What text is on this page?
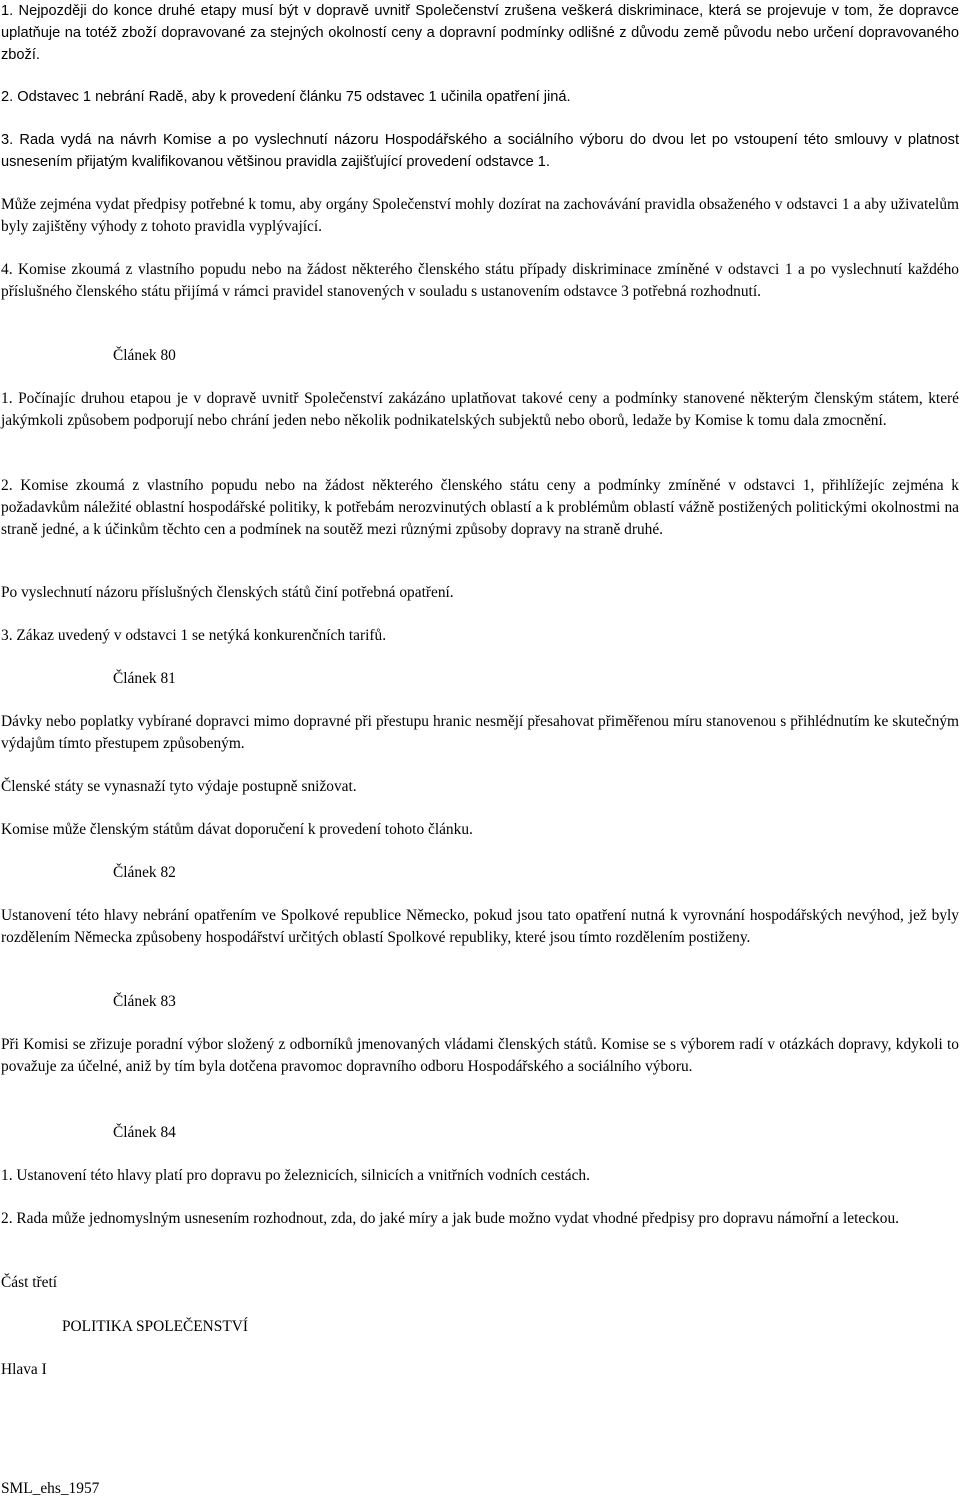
1. Nejpozději do konce druhé etapy musí být v dopravě uvnitř Společenství zrušena veškerá diskriminace, která se projevuje v tom, že dopravce uplatňuje na totéž zboží dopravované za stejných okolností ceny a dopravní podmínky odlišné z důvodu země původu nebo určení dopravovaného zboží.

2. Odstavec 1 nebrání Radě, aby k provedení článku 75 odstavec 1 učinila opatření jiná.

3. Rada vydá na návrh Komise a po vyslechnutí názoru Hospodářského a sociálního výboru do dvou let po vstoupení této smlouvy v platnost usnesením přijatým kvalifikovanou většinou pravidla zajišťující provedení odstavce 1.

Může zejména vydat předpisy potřebné k tomu, aby orgány Společenství mohly dozírat na zachovávání pravidla obsaženého v odstavci 1 a aby uživatelům byly zajištěny výhody z tohoto pravidla vyplývající.

4. Komise zkoumá z vlastního popudu nebo na žádost některého členského státu případy diskriminace zmíněné v odstavci 1 a po vyslechnutí každého příslušného členského státu přijímá v rámci pravidel stanovených v souladu s ustanovením odstavce 3 potřebná rozhodnutí.

Článek 80

1. Počínajíc druhou etapou je v dopravě uvnitř Společenství zakázáno uplatňovat takové ceny a podmínky stanovené některým členským státem, které jakýmkoli způsobem podporují nebo chrání jeden nebo několik podnikatelských subjektů nebo oborů, ledaže by Komise k tomu dala zmocnění.

2. Komise zkoumá z vlastního popudu nebo na žádost některého členského státu ceny a podmínky zmíněné v odstavci 1, přihlížejíc zejména k požadavkům náležité oblastní hospodářské politiky, k potřebám nerozvinutých oblastí a k problémům oblastí vážně postižených politickými okolnostmi na straně jedné, a k účinkům těchto cen a podmínek na soutěž mezi různými způsoby dopravy na straně druhé.

Po vyslechnutí názoru příslušných členských států činí potřebná opatření.

3. Zákaz uvedený v odstavci 1 se netýká konkurenčních tarifů.

Článek 81

Dávky nebo poplatky vybírané dopravci mimo dopravné při přestupu hranic nesmějí přesahovat přiměřenou míru stanovenou s přihlédnutím ke skutečným výdajům tímto přestupem způsobeným.

Členské státy se vynasnaží tyto výdaje postupně snižovat.

Komise může členským státům dávat doporučení k provedení tohoto článku.

Článek 82

Ustanovení této hlavy nebrání opatřením ve Spolkové republice Německo, pokud jsou tato opatření nutná k vyrovnání hospodářských nevýhod, jež byly rozdělením Německa způsobeny hospodářství určitých oblastí Spolkové republiky, které jsou tímto rozdělením postiženy.

Článek 83

Při Komisi se zřizuje poradní výbor složený z odborníků jmenovaných vládami členských států. Komise se s výborem radí v otázkách dopravy, kdykoli to považuje za účelné, aniž by tím byla dotčena pravomoc dopravního odboru Hospodářského a sociálního výboru.

Článek 84

1. Ustanovení této hlavy platí pro dopravu po železnicích, silnicích a vnitřních vodních cestách.

2. Rada může jednomyslným usnesením rozhodnout, zda, do jaké míry a jak bude možno vydat vhodné předpisy pro dopravu námořní a leteckou.

Část třetí

POLITIKA SPOLEČENSTVÍ

Hlava I

SML_ehs_1957
